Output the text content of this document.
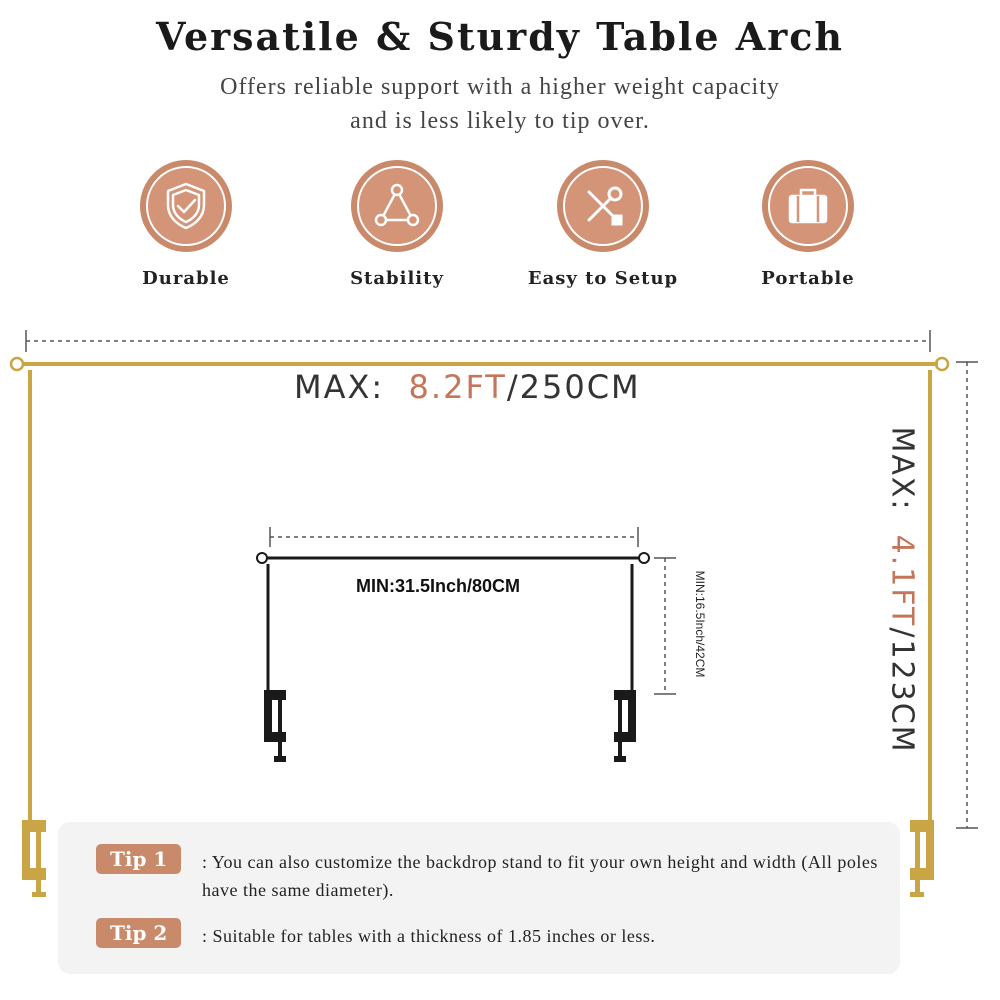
Versatile & Sturdy Table Arch
Offers reliable support with a higher weight capacity and is less likely to tip over.
Durable	Stability	Easy to Setup	Portable
MAX: 8.2FT/250CM
MAX:  4.1FT/123CM
MIN:31.5Inch/80CM	MIN:16.5Inch/42CM
Tip 1 : You can also customize the backdrop stand to fit your own height and width (All poles have the same diameter).
Tip 2 : Suitable for tables with a thickness of 1.85 inches or less.
